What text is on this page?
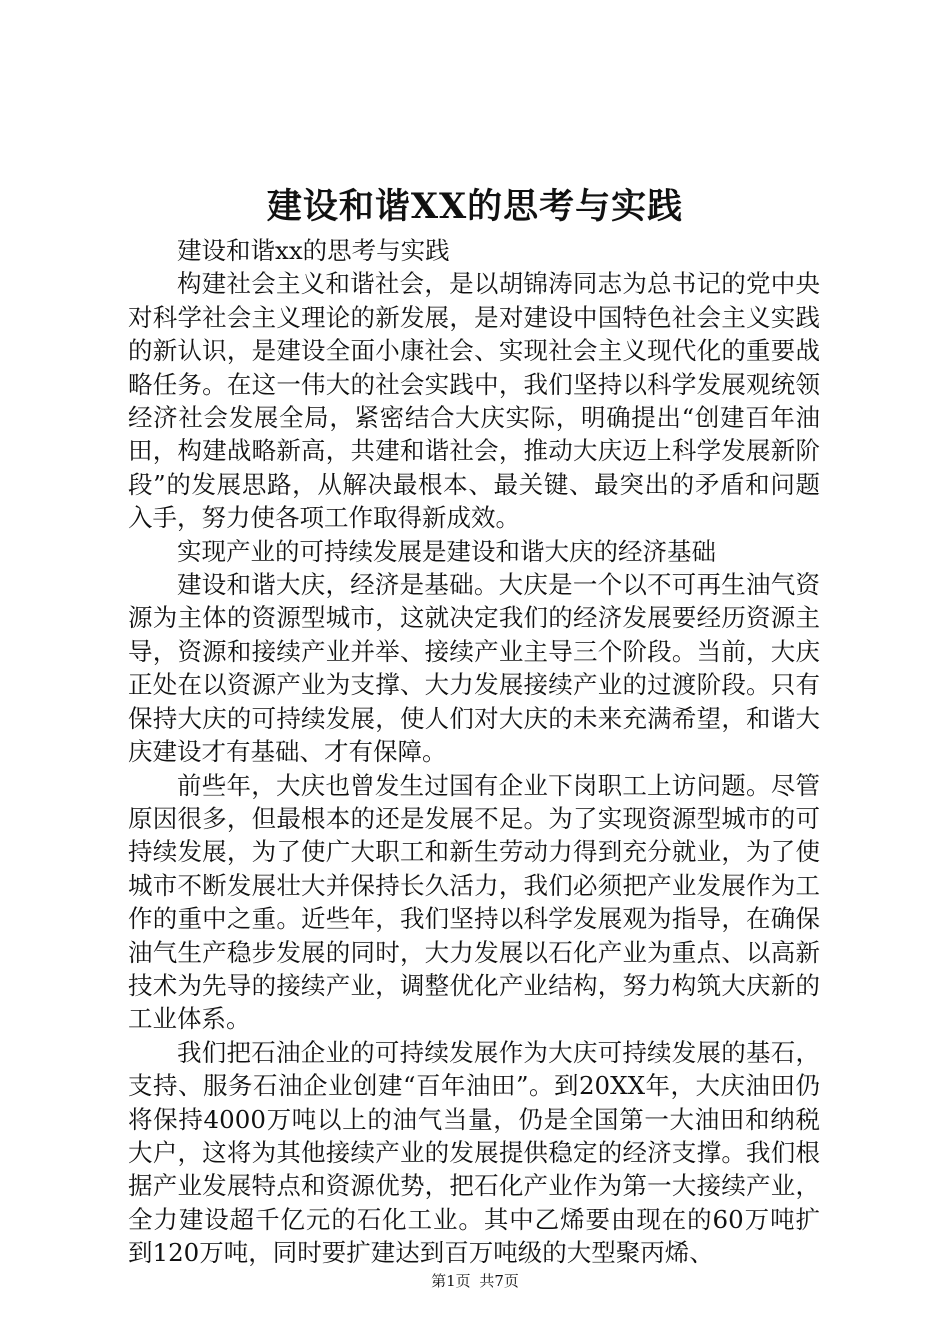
建设和谐XX的思考与实践

建设和谐xx的思考与实践

构建社会主义和谐社会，是以胡锦涛同志为总书记的党中央对科学社会主义理论的新发展，是对建设中国特色社会主义实践的新认识，是建设全面小康社会、实现社会主义现代化的重要战略任务。在这一伟大的社会实践中，我们坚持以科学发展观统领经济社会发展全局，紧密结合大庆实际，明确提出“创建百年油田，构建战略新高，共建和谐社会，推动大庆迈上科学发展新阶段”的发展思路，从解决最根本、最关键、最突出的矛盾和问题入手，努力使各项工作取得新成效。

实现产业的可持续发展是建设和谐大庆的经济基础

建设和谐大庆，经济是基础。大庆是一个以不可再生油气资源为主体的资源型城市，这就决定我们的经济发展要经历资源主导，资源和接续产业并举、接续产业主导三个阶段。当前，大庆正处在以资源产业为支撑、大力发展接续产业的过渡阶段。只有保持大庆的可持续发展，使人们对大庆的未来充满希望，和谐大庆建设才有基础、才有保障。

前些年，大庆也曾发生过国有企业下岗职工上访问题。尽管原因很多，但最根本的还是发展不足。为了实现资源型城市的可持续发展，为了使广大职工和新生劳动力得到充分就业，为了使城市不断发展壮大并保持长久活力，我们必须把产业发展作为工作的重中之重。近些年，我们坚持以科学发展观为指导，在确保油气生产稳步发展的同时，大力发展以石化产业为重点、以高新技术为先导的接续产业，调整优化产业结构，努力构筑大庆新的工业体系。

我们把石油企业的可持续发展作为大庆可持续发展的基石，支持、服务石油企业创建“百年油田”。到20XX年，大庆油田仍将保持4000万吨以上的油气当量，仍是全国第一大油田和纳税大户，这将为其他接续产业的发展提供稳定的经济支撑。我们根据产业发展特点和资源优势，把石化产业作为第一大接续产业，全力建设超千亿元的石化工业。其中乙烯要由现在的60万吨扩到120万吨，同时要扩建达到百万吨级的大型聚丙烯、

第1页 共7页
